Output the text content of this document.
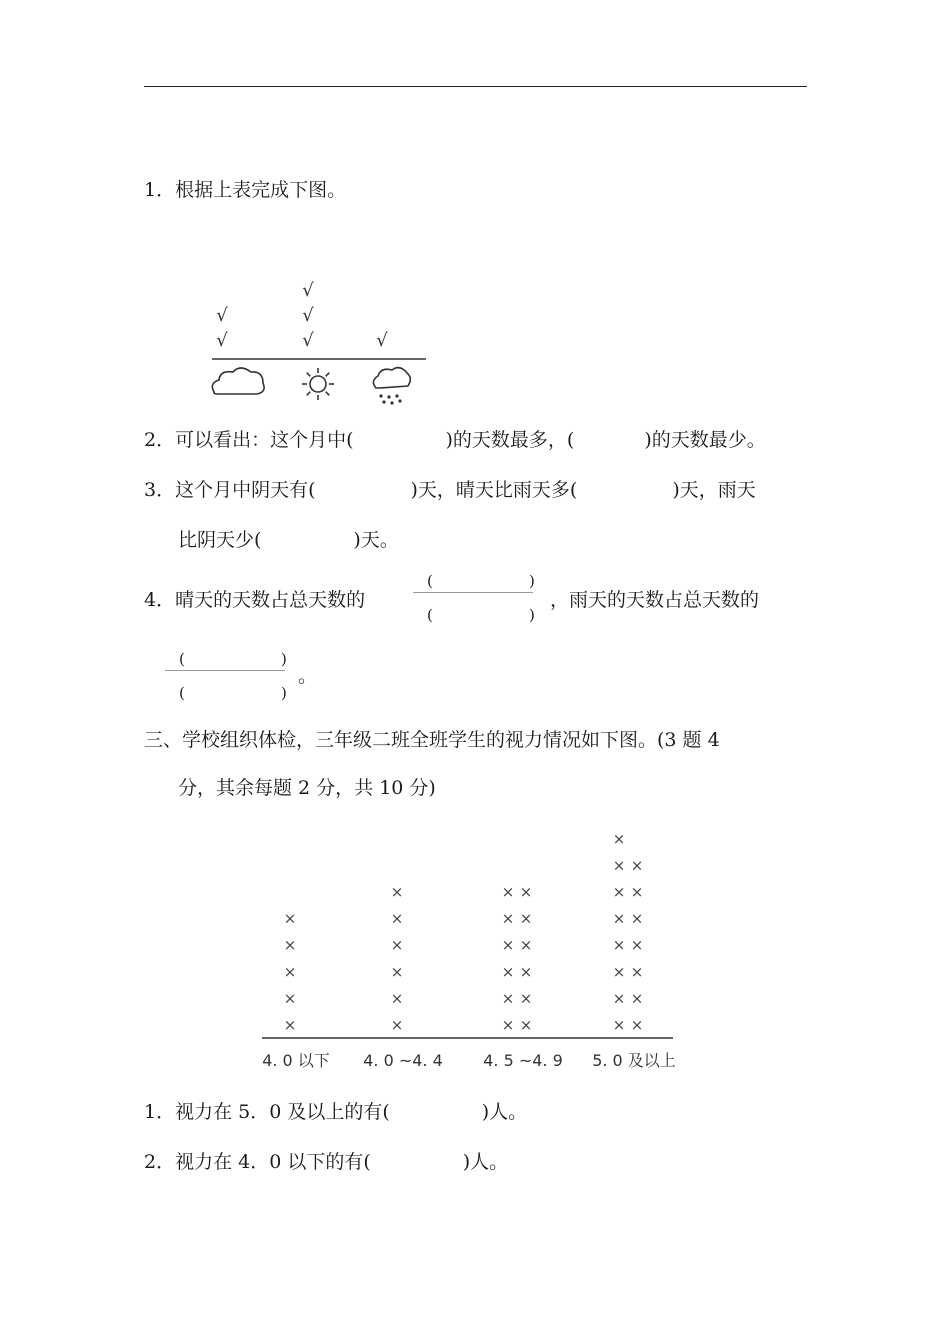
1．根据上表完成下图。
√
√
√
√
√
√
2．可以看出：这个月中(	)的天数最多，(	)的天数最少。
3．这个月中阴天有(	)天，晴天比雨天多(	)天，雨天
比阴天少(	)天。
4．晴天的天数占总天数的
(	)
(	)
，雨天的天数占总天数的
(	)
(	)
。
三、学校组织体检，三年级二班全班学生的视力情况如下图。(3 题 4
分，其余每题 2 分，共 10 分)
×
×
×
×
×
×
×
×
×
×
×
× ×
× ×
× ×
× ×
× ×
× ×
× ×
× ×
× ×
× ×
× ×
× ×
× ×
×
4. 0 以下 4. 0 ~4. 4	4. 5 ~4. 9 5. 0 及以上
1．视力在 5．0 及以上的有(	)人。
2．视力在 4．0 以下的有(	)人。
